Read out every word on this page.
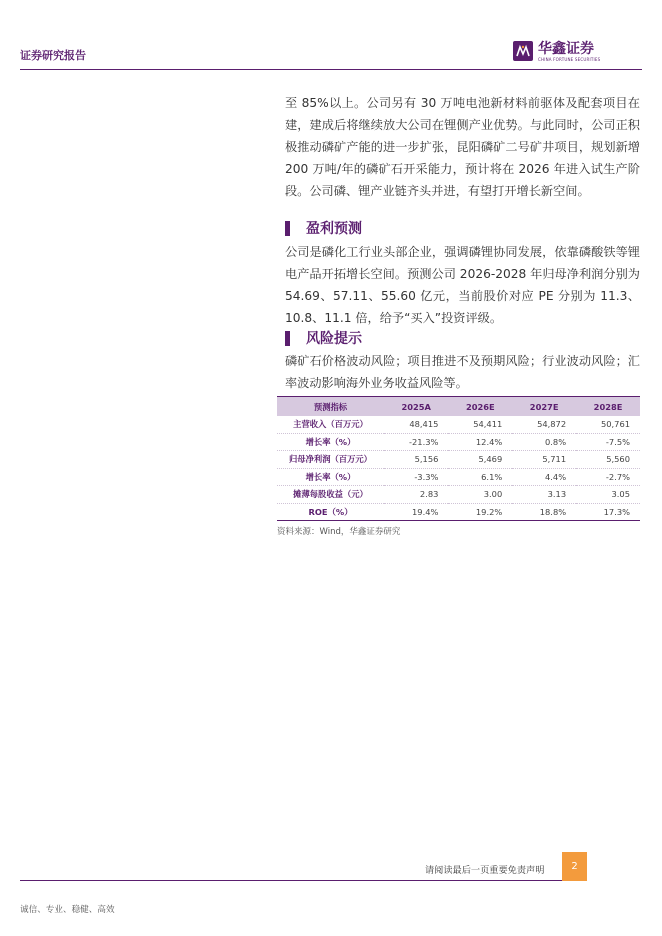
证券研究报告	华鑫证券
CHINA FORTUNE SECURITIES

至 85%以上。公司另有 30 万吨电池新材料前驱体及配套项目在建，建成后将继续放大公司在锂侧产业优势。与此同时，公司正积极推动磷矿产能的进一步扩张，昆阳磷矿二号矿井项目，规划新增 200 万吨/年的磷矿石开采能力，预计将在 2026 年进入试生产阶段。公司磷、锂产业链齐头并进，有望打开增长新空间。

盈利预测

公司是磷化工行业头部企业，强调磷锂协同发展，依靠磷酸铁等锂电产品开拓增长空间。预测公司 2026-2028 年归母净利润分别为 54.69、57.11、55.60 亿元，当前股价对应 PE 分别为 11.3、10.8、11.1 倍，给予“买入”投资评级。

风险提示

磷矿石价格波动风险；项目推进不及预期风险；行业波动风险；汇率波动影响海外业务收益风险等。

预测指标	2025A	2026E	2027E	2028E
主营收入（百万元）	48,415	54,411	54,872	50,761
增长率（%）	-21.3%	12.4%	0.8%	-7.5%
归母净利润（百万元）	5,156	5,469	5,711	5,560
增长率（%）	-3.3%	6.1%	4.4%	-2.7%
摊薄每股收益（元）	2.83	3.00	3.13	3.05
ROE（%）	19.4%	19.2%	18.8%	17.3%
资料来源：Wind，华鑫证券研究
请阅读最后一页重要免责声明	2
诚信、专业、稳健、高效
